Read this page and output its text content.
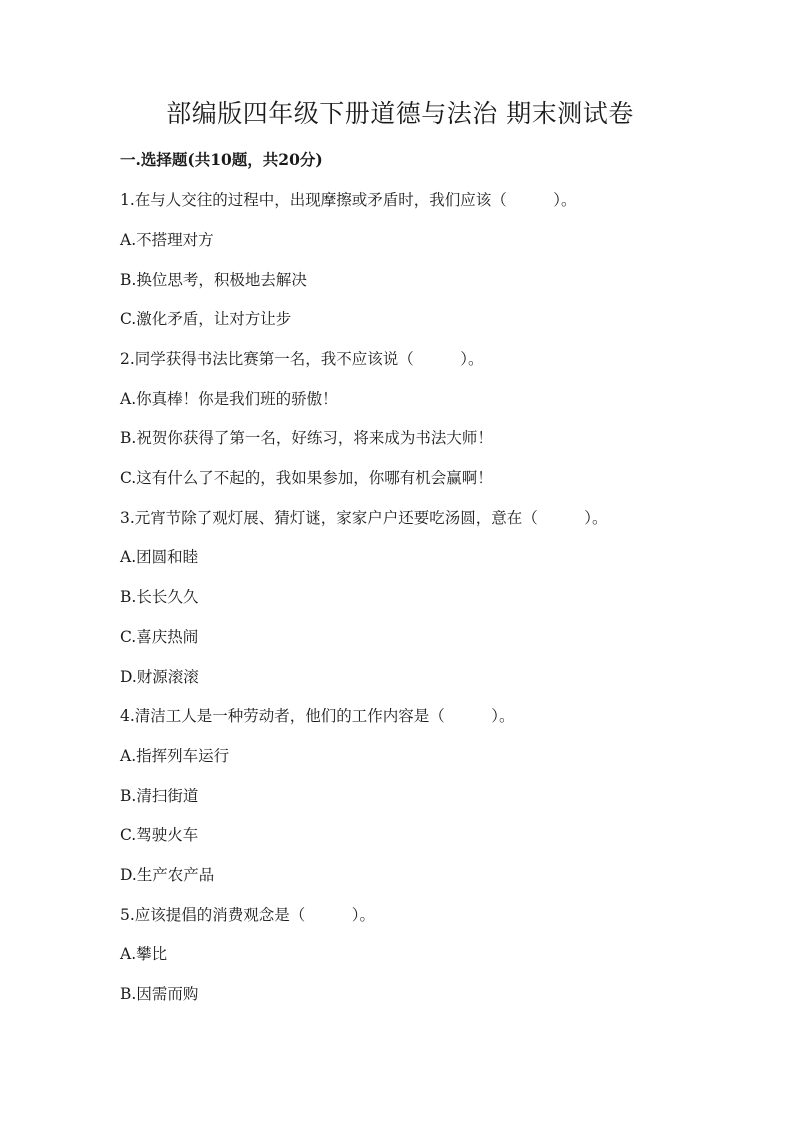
部编版四年级下册道德与法治 期末测试卷

一.选择题(共10题，共20分)

1.在与人交往的过程中，出现摩擦或矛盾时，我们应该（　　　）。

A.不搭理对方

B.换位思考，积极地去解决

C.激化矛盾，让对方让步

2.同学获得书法比赛第一名，我不应该说（　　　）。

A.你真棒！你是我们班的骄傲！

B.祝贺你获得了第一名，好练习，将来成为书法大师！

C.这有什么了不起的，我如果参加，你哪有机会赢啊！

3.元宵节除了观灯展、猜灯谜，家家户户还要吃汤圆，意在（　　　）。

A.团圆和睦

B.长长久久

C.喜庆热闹

D.财源滚滚

4.清洁工人是一种劳动者，他们的工作内容是（　　　）。

A.指挥列车运行

B.清扫街道

C.驾驶火车

D.生产农产品

5.应该提倡的消费观念是（　　　）。

A.攀比

B.因需而购
